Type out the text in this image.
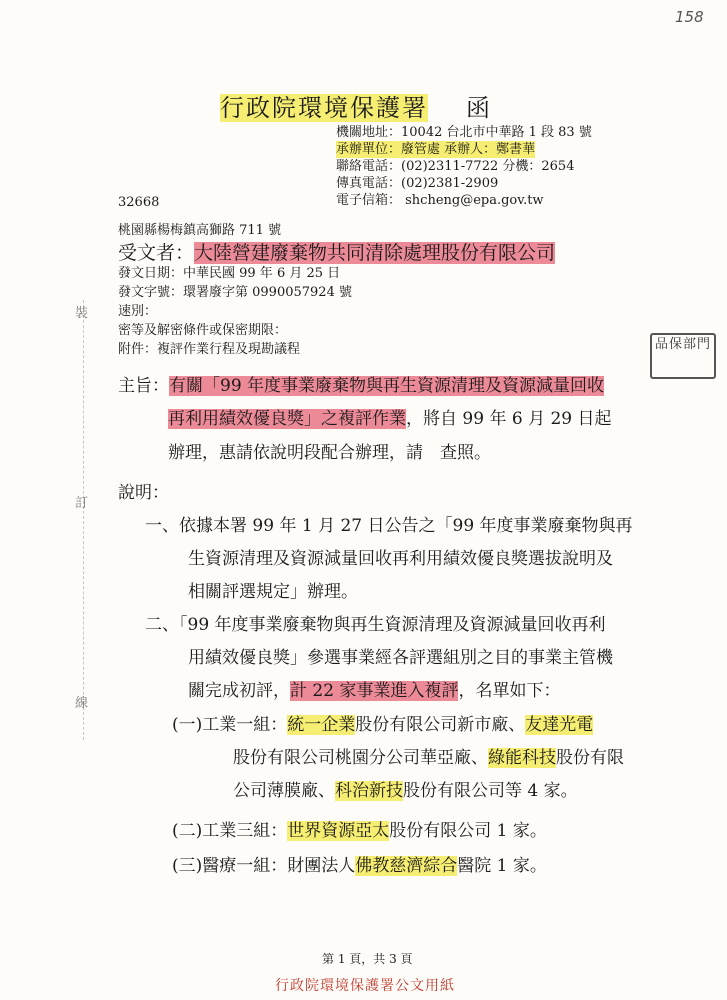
158
行政院環境保護署 函
機關地址：10042 台北市中華路 1 段 83 號
承辦單位：廢管處 承辦人：鄭書華
聯絡電話：(02)2311-7722 分機：2654
傳真電話：(02)2381-2909
電子信箱： shcheng@epa.gov.tw
32668
桃園縣楊梅鎮高獅路 711 號
受文者：大陸營建廢棄物共同清除處理股份有限公司
發文日期：中華民國 99 年 6 月 25 日
發文字號：環署廢字第 0990057924 號
速別：
密等及解密條件或保密期限：
附件：複評作業行程及現勘議程	品保部門
裝
訂
線
主旨：有關「99 年度事業廢棄物與再生資源清理及資源減量回收
再利用績效優良獎」之複評作業，將自 99 年 6 月 29 日起
辦理，惠請依說明段配合辦理，請　查照。
說明：
一、依據本署 99 年 1 月 27 日公告之「99 年度事業廢棄物與再
生資源清理及資源減量回收再利用績效優良獎選拔說明及
相關評選規定」辦理。
二、「99 年度事業廢棄物與再生資源清理及資源減量回收再利
用績效優良獎」參選事業經各評選組別之目的事業主管機
關完成初評，計 22 家事業進入複評，名單如下：
(一)工業一組：統一企業股份有限公司新市廠、友達光電
股份有限公司桃園分公司華亞廠、綠能科技股份有限
公司薄膜廠、科治新技股份有限公司等 4 家。
(二)工業三組：世界資源亞太股份有限公司 1 家。
(三)醫療一組：財團法人佛教慈濟綜合醫院 1 家。
第 1 頁，共 3 頁
行政院環境保護署公文用紙
